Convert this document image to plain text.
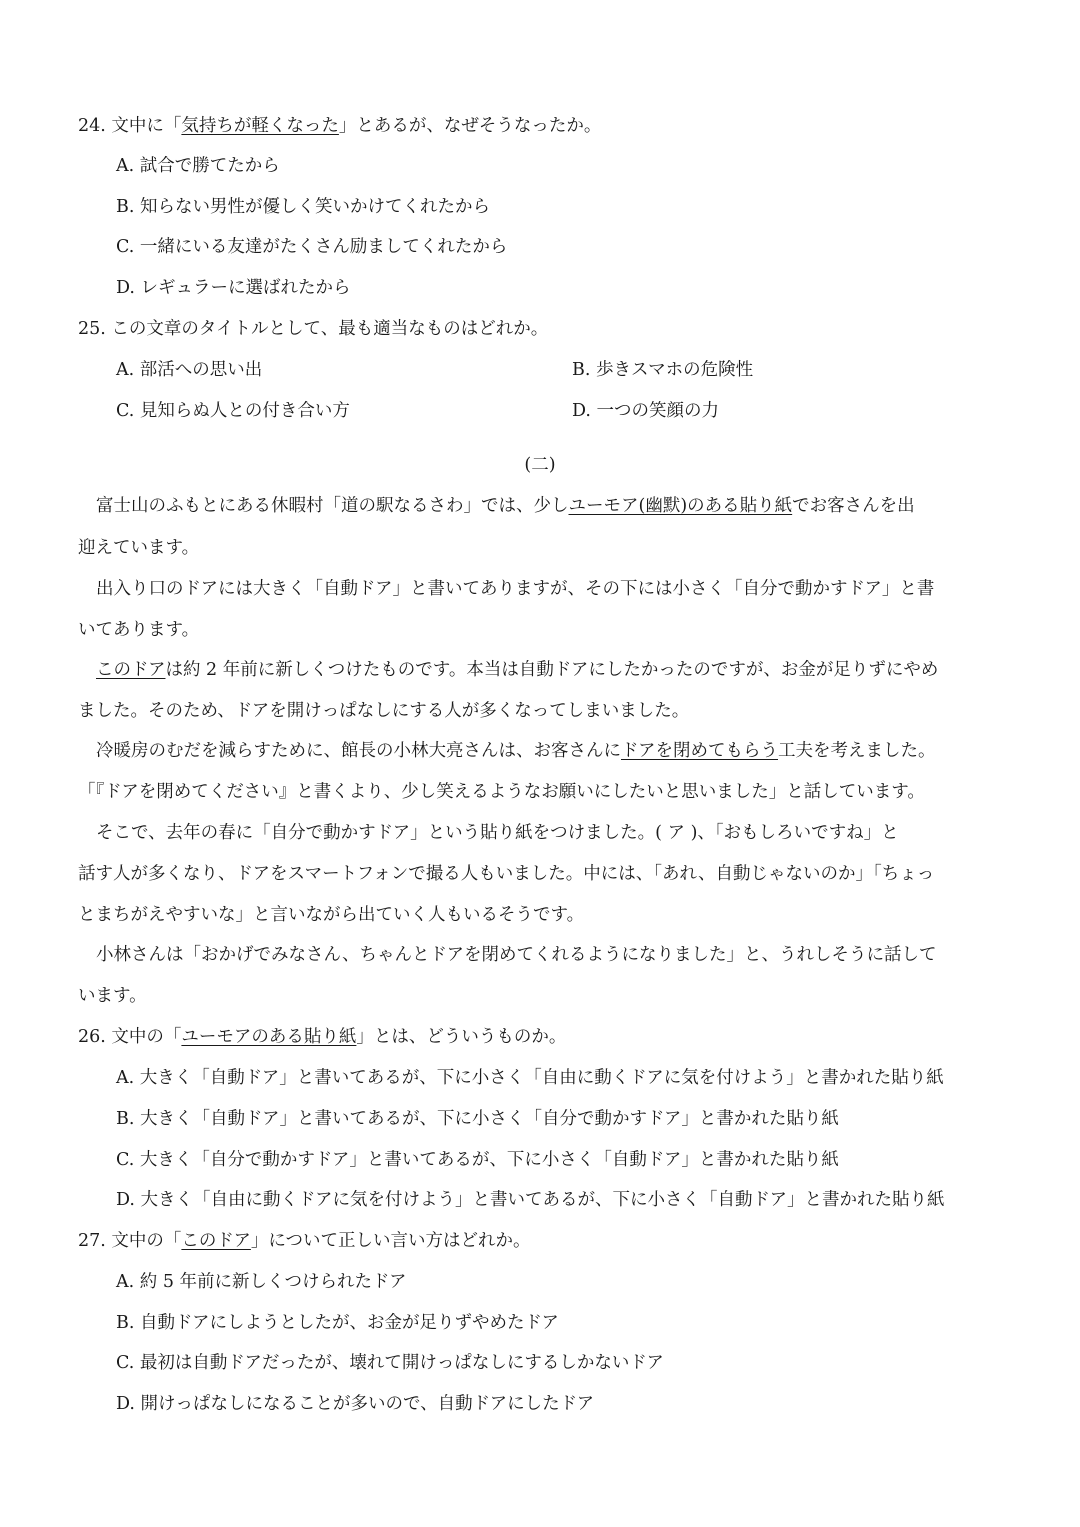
24. 文中に「気持ちが軽くなった」とあるが、なぜそうなったか。
A. 試合で勝てたから
B. 知らない男性が優しく笑いかけてくれたから
C. 一緒にいる友達がたくさん励ましてくれたから
D. レギュラーに選ばれたから
25. この文章のタイトルとして、最も適当なものはどれか。
A. 部活への思い出	B. 歩きスマホの危険性
C. 見知らぬ人との付き合い方	D. 一つの笑顔の力
(二)
富士山のふもとにある休暇村「道の駅なるさわ」では、少しユーモア(幽默)のある貼り紙でお客さんを出
迎えています。
出入り口のドアには大きく「自動ドア」と書いてありますが、その下には小さく「自分で動かすドア」と書
いてあります。
このドアは約 2 年前に新しくつけたものです。本当は自動ドアにしたかったのですが、お金が足りずにやめ
ました。そのため、ドアを開けっぱなしにする人が多くなってしまいました。
冷暖房のむだを減らすために、館長の小林大亮さんは、お客さんにドアを閉めてもらう工夫を考えました。
「『ドアを閉めてください』と書くより、少し笑えるようなお願いにしたいと思いました」と話しています。
そこで、去年の春に「自分で動かすドア」という貼り紙をつけました。( ア )、「おもしろいですね」と
話す人が多くなり、ドアをスマートフォンで撮る人もいました。中には、「あれ、自動じゃないのか」「ちょっ
とまちがえやすいな」と言いながら出ていく人もいるそうです。
小林さんは「おかげでみなさん、ちゃんとドアを閉めてくれるようになりました」と、うれしそうに話して
います。
26. 文中の「ユーモアのある貼り紙」とは、どういうものか。
A. 大きく「自動ドア」と書いてあるが、下に小さく「自由に動くドアに気を付けよう」と書かれた貼り紙
B. 大きく「自動ドア」と書いてあるが、下に小さく「自分で動かすドア」と書かれた貼り紙
C. 大きく「自分で動かすドア」と書いてあるが、下に小さく「自動ドア」と書かれた貼り紙
D. 大きく「自由に動くドアに気を付けよう」と書いてあるが、下に小さく「自動ドア」と書かれた貼り紙
27. 文中の「このドア」について正しい言い方はどれか。
A. 約 5 年前に新しくつけられたドア
B. 自動ドアにしようとしたが、お金が足りずやめたドア
C. 最初は自動ドアだったが、壊れて開けっぱなしにするしかないドア
D. 開けっぱなしになることが多いので、自動ドアにしたドア
